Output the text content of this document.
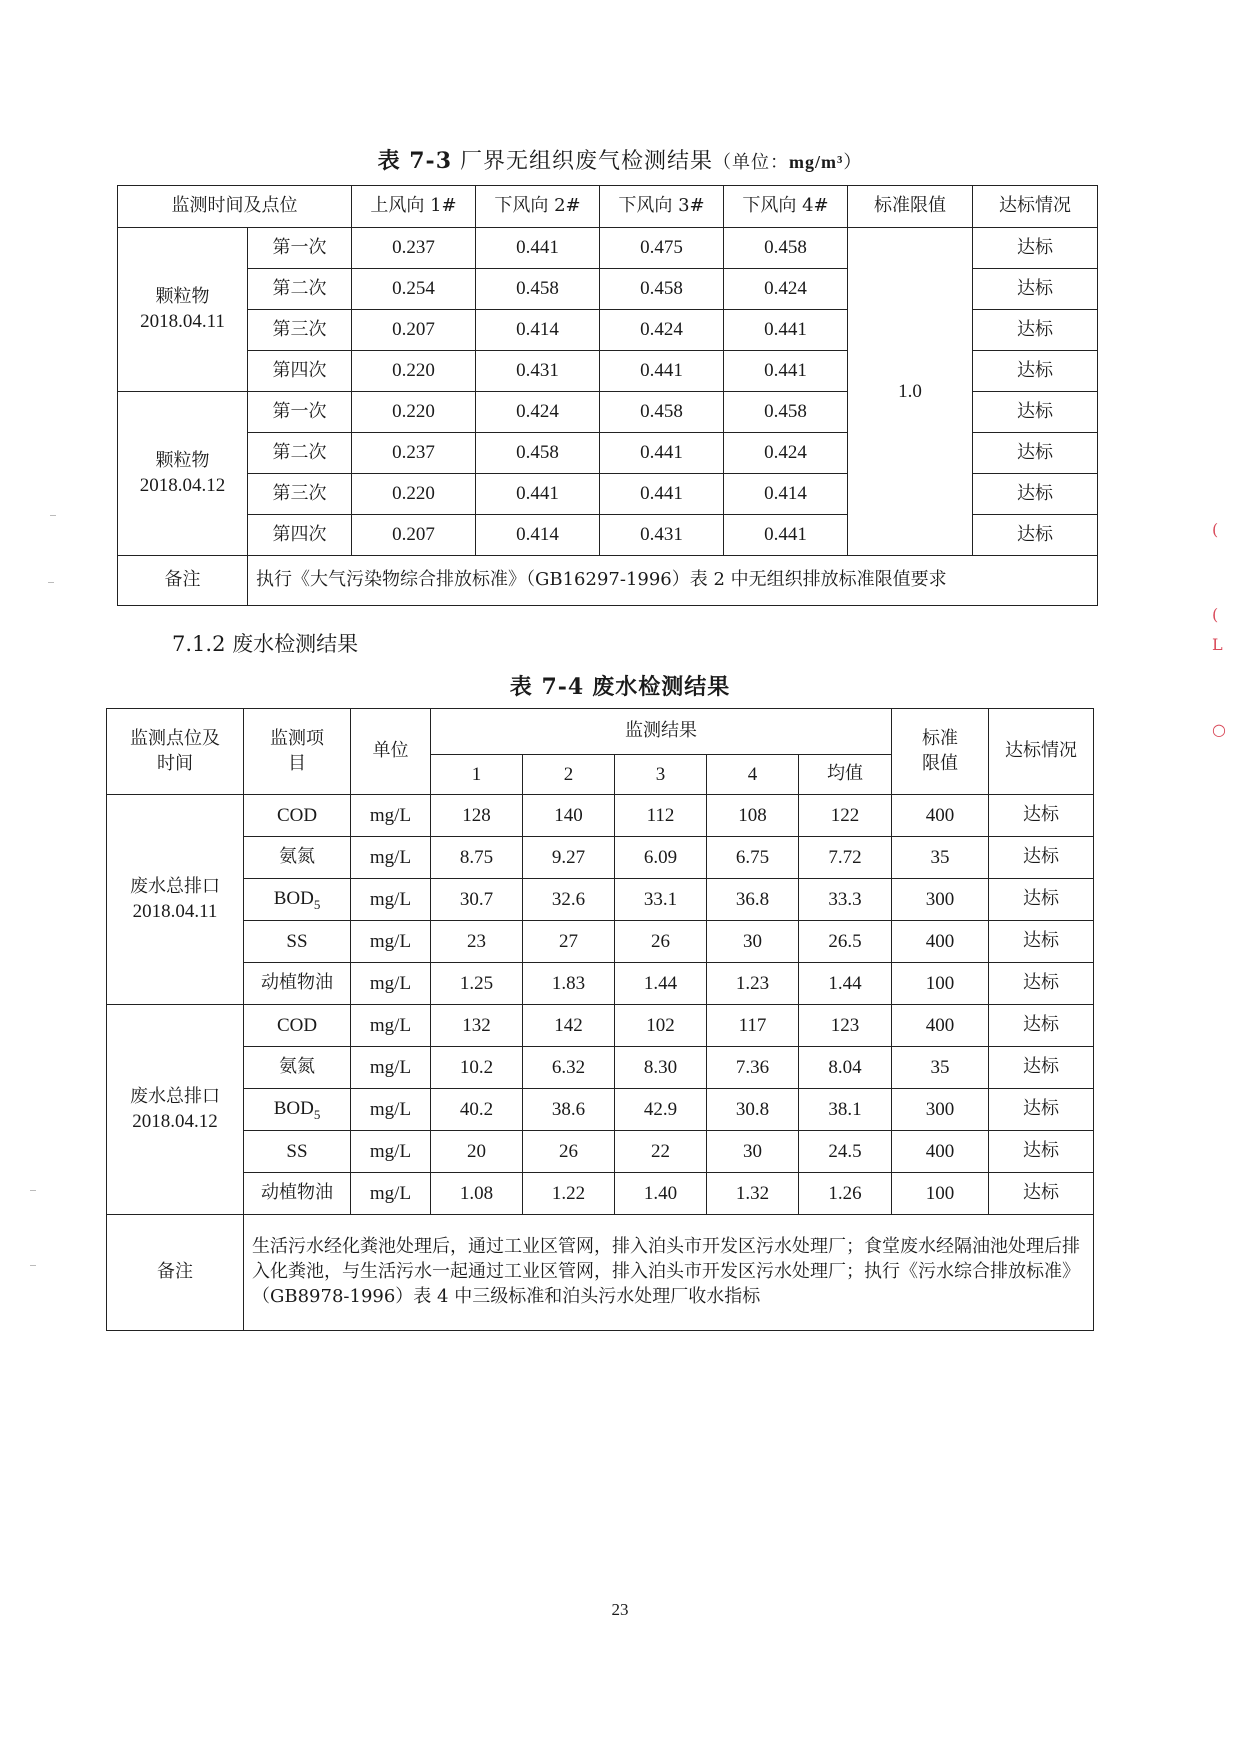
(
(
L
○
表 7-3 厂界无组织废气检测结果（单位：mg/m³）
监测时间及点位		上风向 1#	下风向 2#	下风向 3#	下风向 4#	标准限值	达标情况

颗粒物
2018.04.11	第一次	0.237	0.441	0.475	0.458	1.0	达标
	第二次	0.254	0.458	0.458	0.424		达标
	第三次	0.207	0.414	0.424	0.441		达标
	第四次	0.220	0.431	0.441	0.441		达标

颗粒物
2018.04.12	第一次	0.220	0.424	0.458	0.458		达标
	第二次	0.237	0.458	0.441	0.424		达标
	第三次	0.220	0.441	0.441	0.414		达标
	第四次	0.207	0.414	0.431	0.441		达标
备注	执行《大气污染物综合排放标准》（GB16297-1996）表 2 中无组织排放标准限值要求						
7.1.2 废水检测结果
表 7-4 废水检测结果
监测点位及时间	监测项目	单位	监测结果					标准限值	达标情况

			1	2	3	4	均值		

废水总排口
2018.04.11	COD	mg/L	128	140	112	108	122	400	达标
	氨氮	mg/L	8.75	9.27	6.09	6.75	7.72	35	达标
	$BOD_5$	mg/L	30.7	32.6	33.1	36.8	33.3	300	达标
	SS	mg/L	23	27	26	30	26.5	400	达标
	动植物油	mg/L	1.25	1.83	1.44	1.23	1.44	100	达标

废水总排口
2018.04.12	COD	mg/L	132	142	102	117	123	400	达标
	氨氮	mg/L	10.2	6.32	8.30	7.36	8.04	35	达标
	$BOD_5$	mg/L	40.2	38.6	42.9	30.8	38.1	300	达标
	SS	mg/L	20	26	22	30	24.5	400	达标
	动植物油	mg/L	1.08	1.22	1.40	1.32	1.26	100	达标
备注	生活污水经化粪池处理后，通过工业区管网，排入泊头市开发区污水处理厂；食堂废水经隔油池处理后排入化粪池，与生活污水一起通过工业区管网，排入泊头市开发区污水处理厂；执行《污水综合排放标准》（GB8978-1996）表 4 中三级标准和泊头污水处理厂收水指标								
23
